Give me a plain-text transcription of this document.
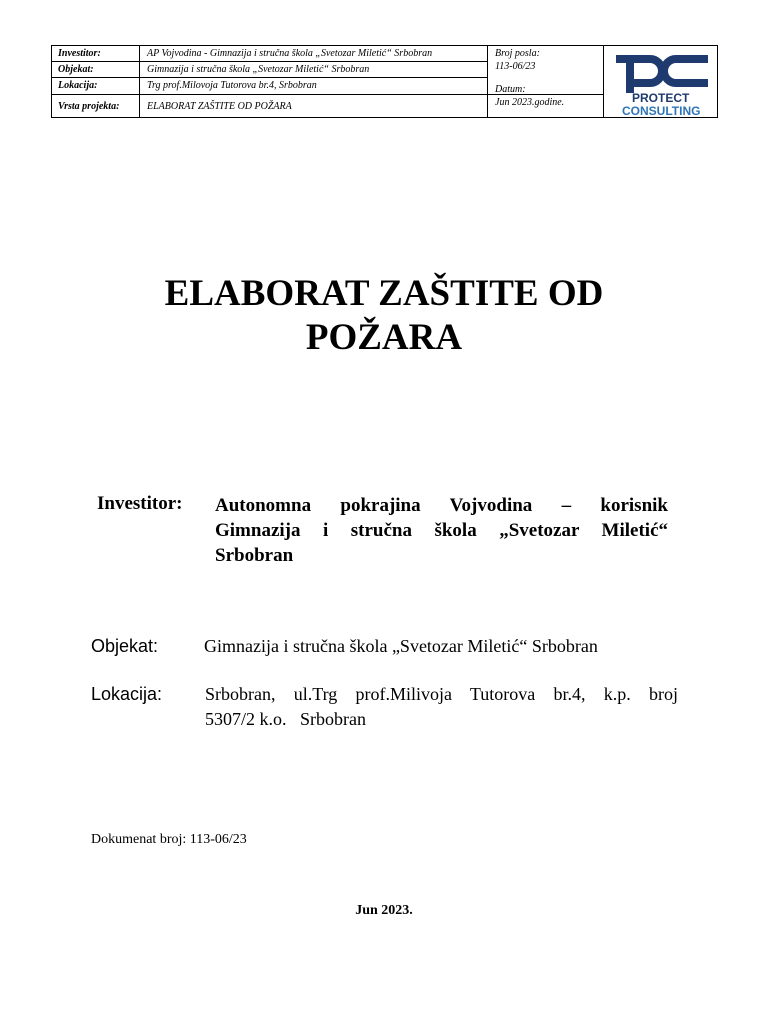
Investitor:	AP Vojvodina - Gimnazija i stručna škola „Svetozar Miletić“ Srbobran
Objekat:	Gimnazija i stručna škola „Svetozar Miletić“ Srbobran
Lokacija:	Trg prof.Milovoja Tutorova br.4, Srbobran
Vrsta projekta:	ELABORAT ZAŠTITE OD POŽARA
Broj posla:
113-06/23
Datum:
Jun 2023.godine.	PROTECT
CONSULTING
ELABORAT ZAŠTITE OD
POŽARA
Investitor: Autonomna pokrajina Vojvodina – korisnik
Gimnazija i stručna škola „Svetozar Miletić“
Srbobran
Objekat:	Gimnazija i stručna škola „Svetozar Miletić“ Srbobran
Lokacija: Srbobran, ul.Trg prof.Milivoja Tutorova br.4, k.p. broj
5307/2 k.o.   Srbobran
Dokumenat broj: 113-06/23
Jun 2023.
